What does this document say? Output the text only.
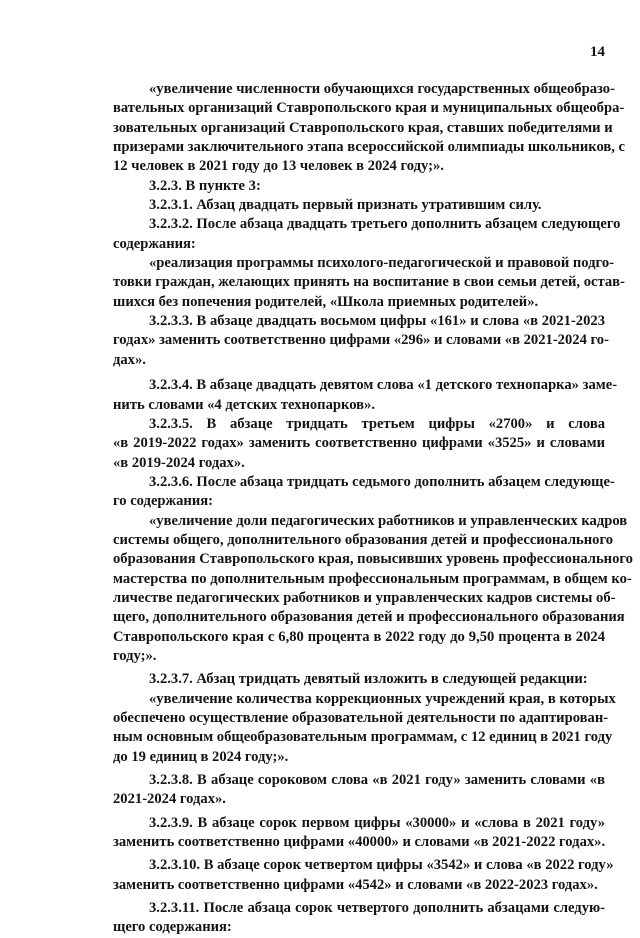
14
«увеличение численности обучающихся государственных общеобразо-
вательных организаций Ставропольского края и муниципальных общеобра-
зовательных организаций Ставропольского края, ставших победителями и
призерами заключительного этапа всероссийской олимпиады школьников, с
12 человек в 2021 году до 13 человек в 2024 году;».
3.2.3. В пункте 3:
3.2.3.1. Абзац двадцать первый признать утратившим силу.
3.2.3.2. После абзаца двадцать третьего дополнить абзацем следующего
содержания:
«реализация программы психолого-педагогической и правовой подго-
товки граждан, желающих принять на воспитание в свои семьи детей, остав-
шихся без попечения родителей, «Школа приемных родителей».
3.2.3.3. В абзаце двадцать восьмом цифры «161» и слова «в 2021-2023
годах» заменить соответственно цифрами «296» и словами «в 2021-2024 го-
дах».
3.2.3.4. В абзаце двадцать девятом слова «1 детского технопарка» заме-
нить словами «4 детских технопарков».
3.2.3.5. В абзаце тридцать третьем цифры «2700» и слова
«в 2019-2022 годах» заменить соответственно цифрами «3525» и словами
«в 2019-2024 годах».
3.2.3.6. После абзаца тридцать седьмого дополнить абзацем следующе-
го содержания:
«увеличение доли педагогических работников и управленческих кадров
системы общего, дополнительного образования детей и профессионального
образования Ставропольского края, повысивших уровень профессионального
мастерства по дополнительным профессиональным программам, в общем ко-
личестве педагогических работников и управленческих кадров системы об-
щего, дополнительного образования детей и профессионального образования
Ставропольского края с 6,80 процента в 2022 году до 9,50 процента в 2024
году;».
3.2.3.7. Абзац тридцать девятый изложить в следующей редакции:
«увеличение количества коррекционных учреждений края, в которых
обеспечено осуществление образовательной деятельности по адаптирован-
ным основным общеобразовательным программам, с 12 единиц в 2021 году
до 19 единиц в 2024 году;».
3.2.3.8. В абзаце сороковом слова «в 2021 году» заменить словами «в
2021-2024 годах».
3.2.3.9. В абзаце сорок первом цифры «30000» и «слова в 2021 году»
заменить соответственно цифрами «40000» и словами «в 2021-2022 годах».
3.2.3.10. В абзаце сорок четвертом цифры «3542» и слова «в 2022 году»
заменить соответственно цифрами «4542» и словами «в 2022-2023 годах».
3.2.3.11. После абзаца сорок четвертого дополнить абзацами следую-
щего содержания:
